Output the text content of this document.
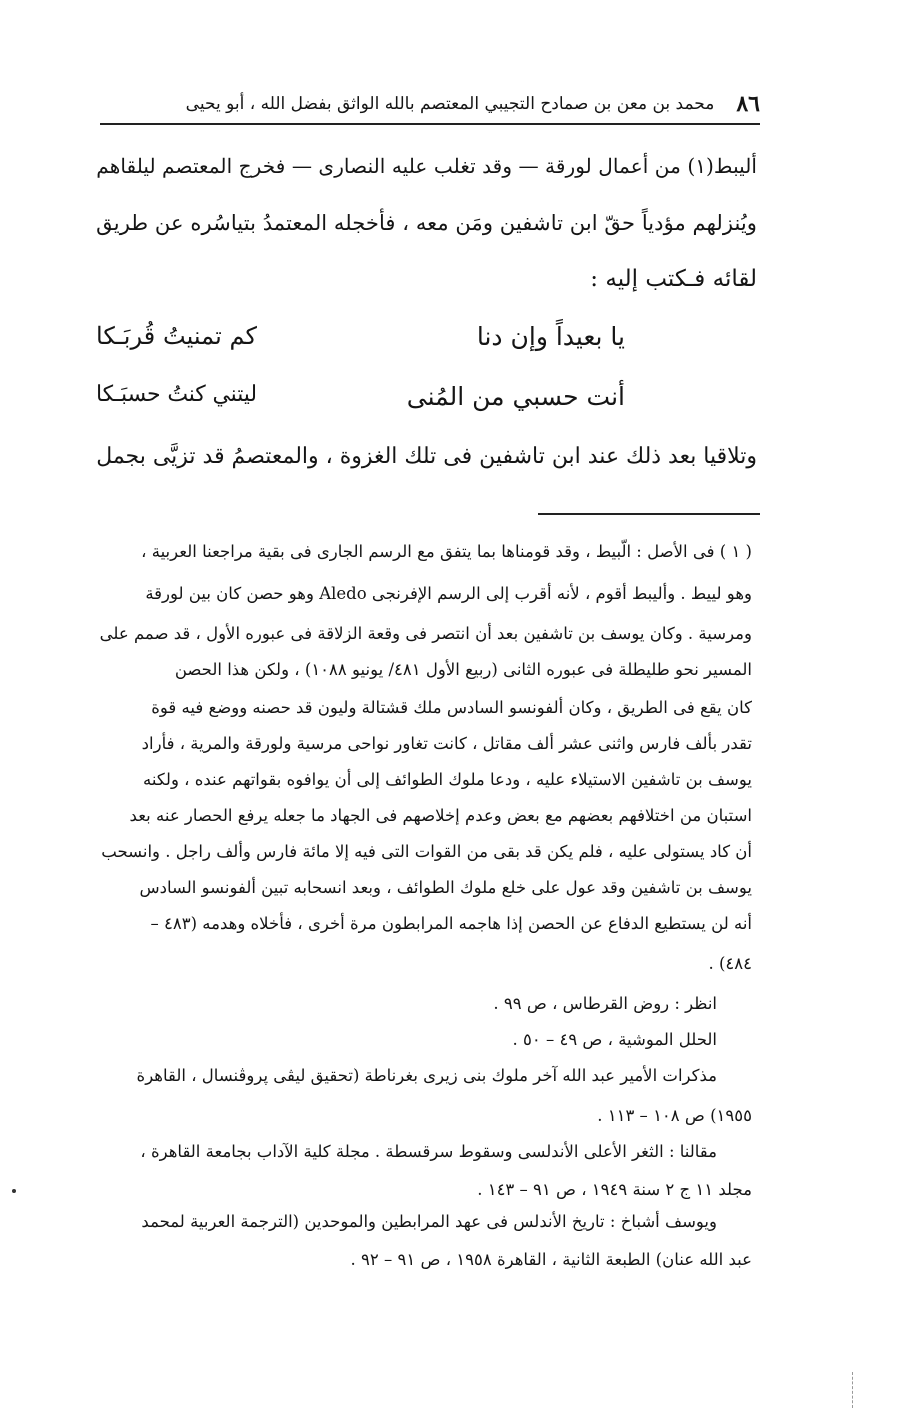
٨٦
محمد بن معن بن صمادح التجيبي المعتصم بالله الواثق بفضل الله ، أبو يحيى
أليبط(١) من أعمال لورقة — وقد تغلب عليه النصارى — فخرج المعتصم ليلقاهم
ويُنزلهم مؤدياً حقّ ابن تاشفين ومَن معه ، فأخجله المعتمدُ بتياسُره عن طريق
لقائه فـكتب إليه :
يا بعيداً وإن دنا
كم تمنيتُ قُربَـكا
أنت حسبي من المُنى
ليتني كنتُ حسبَـكا
وتلاقيا بعد ذلك عند ابن تاشفين فى تلك الغزوة ، والمعتصمُ قد تزيَّى بجمل
( ١ ) فى الأصل : الّبيط ، وقد قومناها بما يتفق مع الرسم الجارى فى بقية مراجعنا العربية ،
وهو لييط . وأليبط أقوم ، لأنه أقرب إلى الرسم الإفرنجى Aledo وهو حصن كان بين لورقة
ومرسية . وكان يوسف بن تاشفين بعد أن انتصر فى وقعة الزلاقة فى عبوره الأول ، قد صمم على
المسير نحو طليطلة فى عبوره الثانى (ربيع الأول ٤٨١/ يونيو ١٠٨٨) ، ولكن هذا الحصن
كان يقع فى الطريق ، وكان ألفونسو السادس ملك قشتالة وليون قد حصنه ووضع فيه قوة
تقدر بألف فارس واثنى عشر ألف مقاتل ، كانت تغاور نواحى مرسية ولورقة والمرية ، فأراد
يوسف بن تاشفين الاستيلاء عليه ، ودعا ملوك الطوائف إلى أن يوافوه بقواتهم عنده ، ولكنه
استبان من اختلافهم بعضهم مع بعض وعدم إخلاصهم فى الجهاد ما جعله يرفع الحصار عنه بعد
أن كاد يستولى عليه ، فلم يكن قد بقى من القوات التى فيه إلا مائة فارس وألف راجل . وانسحب
يوسف بن تاشفين وقد عول على خلع ملوك الطوائف ، وبعد انسحابه تبين ألفونسو السادس
أنه لن يستطيع الدفاع عن الحصن إذا هاجمه المرابطون مرة أخرى ، فأخلاه وهدمه (٤٨٣ –
٤٨٤) .
انظر : روض القرطاس ، ص ٩٩ .
الحلل الموشية ، ص ٤٩ – ٥٠ .
مذكرات الأمير عبد الله آخر ملوك بنى زيرى بغرناطة (تحقيق ليڤى پروڤنسال ، القاهرة
١٩٥٥) ص ١٠٨ – ١١٣ .
مقالنا : الثغر الأعلى الأندلسى وسقوط سرقسطة . مجلة كلية الآداب بجامعة القاهرة ،
مجلد ١١ ج ٢ سنة ١٩٤٩ ، ص ٩١ – ١٤٣ .
ويوسف أشباخ : تاريخ الأندلس فى عهد المرابطين والموحدين (الترجمة العربية لمحمد
عبد الله عنان) الطبعة الثانية ، القاهرة ١٩٥٨ ، ص ٩١ – ٩٢ .
